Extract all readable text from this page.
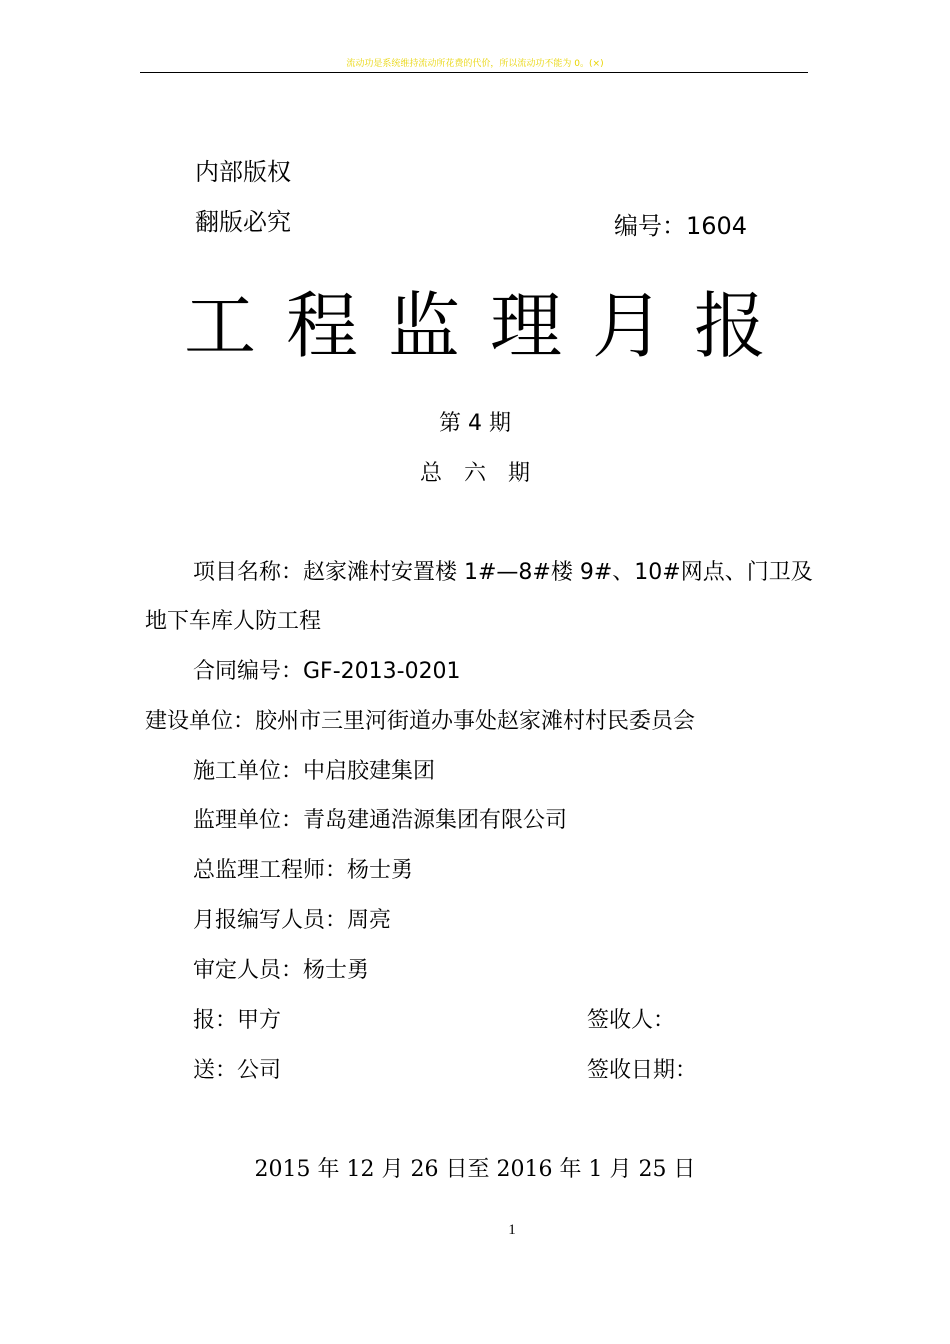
流动功是系统维持流动所花费的代价，所以流动功不能为 0。(×)
内部版权
翻版必究	编号：1604
工程监理月报
第 4 期
总　六　期
项目名称：赵家滩村安置楼 1#—8#楼 9#、10#网点、门卫及
地下车库人防工程
合同编号：GF-2013-0201
建设单位：胶州市三里河街道办事处赵家滩村村民委员会
施工单位：中启胶建集团
监理单位：青岛建通浩源集团有限公司
总监理工程师：杨士勇
月报编写人员：周亮
审定人员：杨士勇
报：甲方	签收人：
送：公司	签收日期：
2015 年 12 月 26 日至 2016 年 1 月 25 日
1
